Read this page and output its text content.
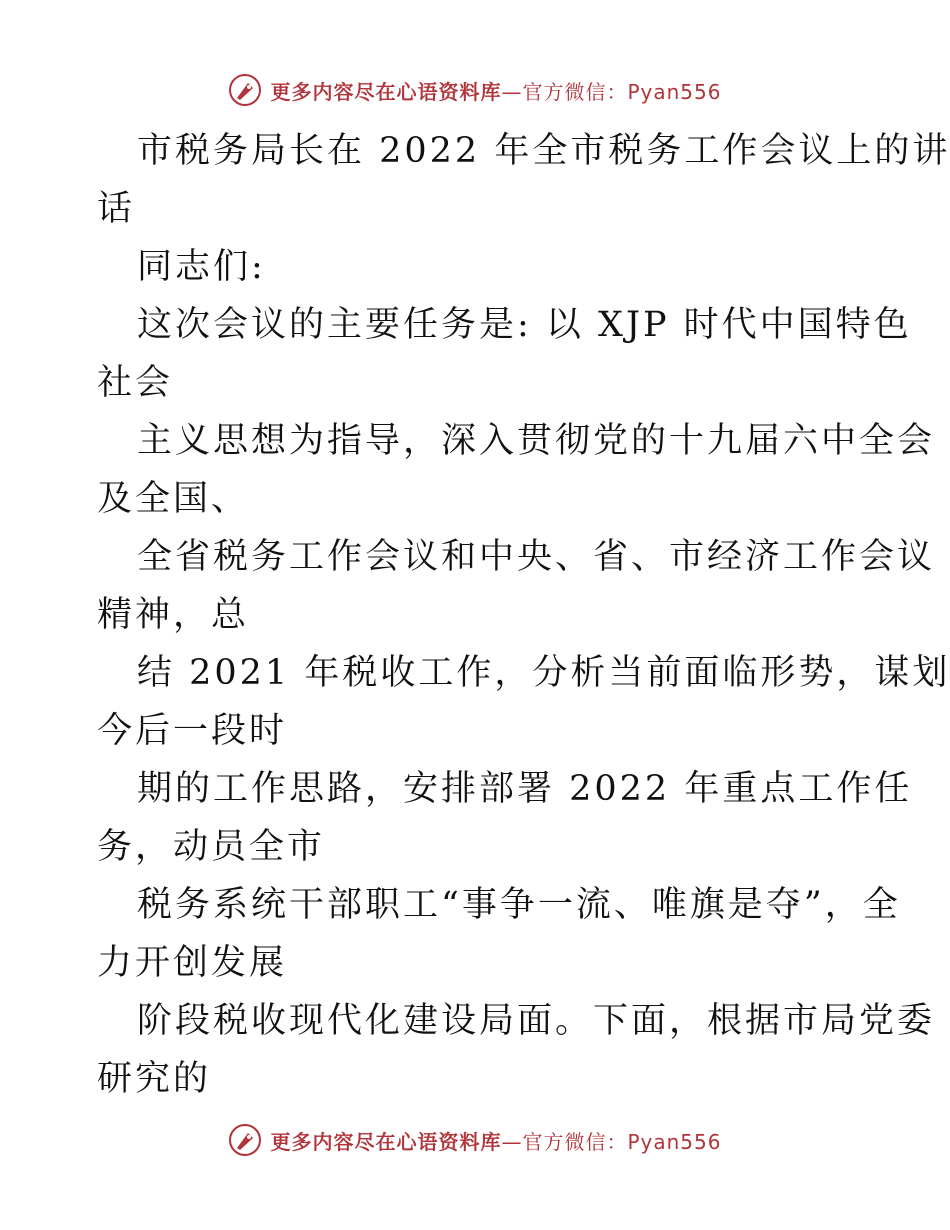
更多内容尽在心语资料库—官方微信：Pyan556
市税务局长在 2022 年全市税务工作会议上的讲
话
同志们:
这次会议的主要任务是: 以 XJP 时代中国特色
社会
主义思想为指导，深入贯彻党的十九届六中全会
及全国、
全省税务工作会议和中央、省、市经济工作会议
精神，总
结 2021 年税收工作，分析当前面临形势，谋划
今后一段时
期的工作思路，安排部署 2022 年重点工作任
务，动员全市
税务系统干部职工“事争一流、唯旗是夺”，全
力开创发展
阶段税收现代化建设局面。下面，根据市局党委
研究的
更多内容尽在心语资料库—官方微信：Pyan556
